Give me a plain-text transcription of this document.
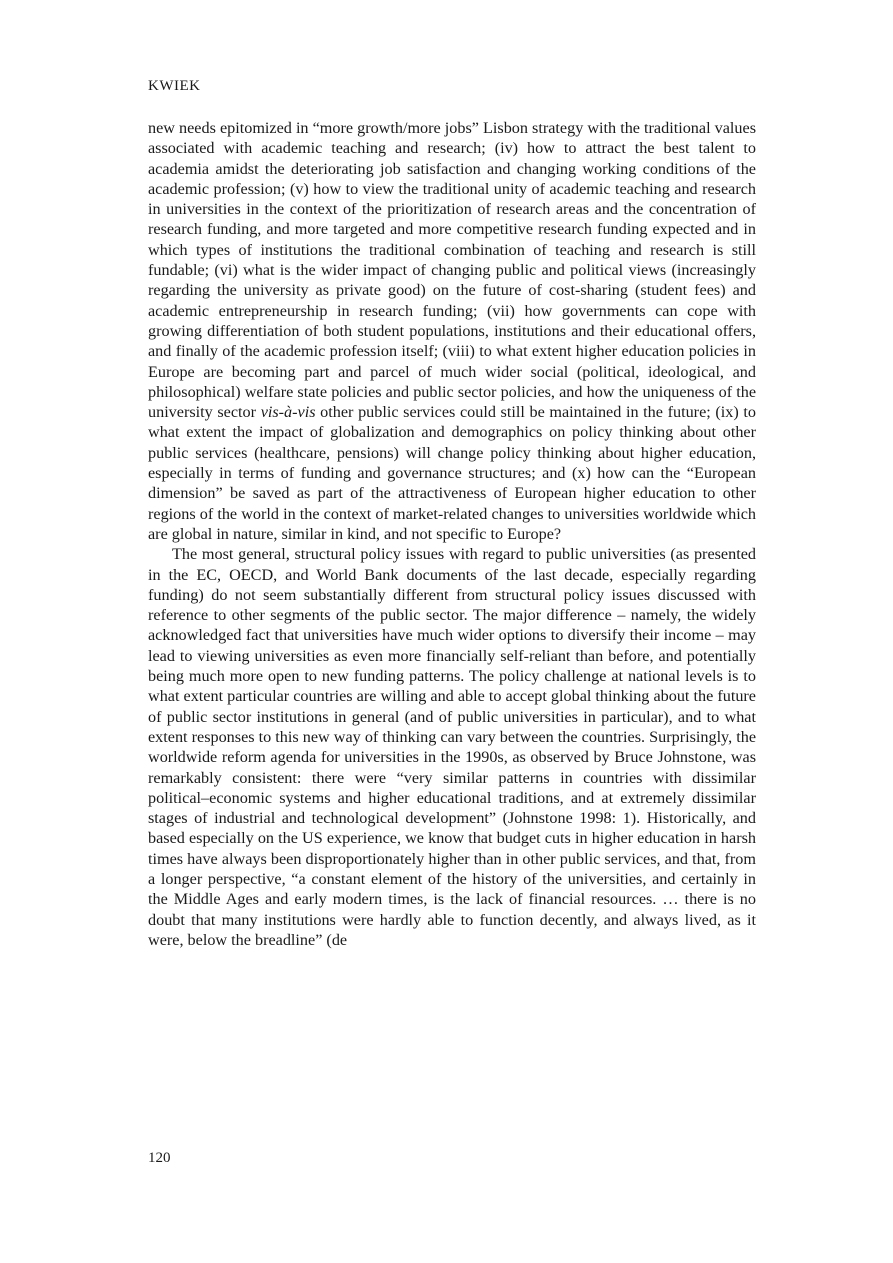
KWIEK

new needs epitomized in “more growth/more jobs” Lisbon strategy with the traditional values associated with academic teaching and research; (iv) how to attract the best talent to academia amidst the deteriorating job satisfaction and changing working conditions of the academic profession; (v) how to view the traditional unity of academic teaching and research in universities in the context of the prioritization of research areas and the concentration of research funding, and more targeted and more competitive research funding expected and in which types of institutions the traditional combination of teaching and research is still fundable; (vi) what is the wider impact of changing public and political views (increasingly regarding the university as private good) on the future of cost-sharing (student fees) and academic entrepreneurship in research funding; (vii) how governments can cope with growing differentiation of both student populations, institutions and their educational offers, and finally of the academic profession itself; (viii) to what extent higher education policies in Europe are becoming part and parcel of much wider social (political, ideological, and philosophical) welfare state policies and public sector policies, and how the uniqueness of the university sector vis-à-vis other public services could still be maintained in the future; (ix) to what extent the impact of globalization and demographics on policy thinking about other public services (healthcare, pensions) will change policy thinking about higher education, especially in terms of funding and governance structures; and (x) how can the “European dimension” be saved as part of the attractiveness of European higher education to other regions of the world in the context of market-related changes to universities worldwide which are global in nature, similar in kind, and not specific to Europe?

The most general, structural policy issues with regard to public universities (as presented in the EC, OECD, and World Bank documents of the last decade, especially regarding funding) do not seem substantially different from structural policy issues discussed with reference to other segments of the public sector. The major difference – namely, the widely acknowledged fact that universities have much wider options to diversify their income – may lead to viewing universities as even more financially self-reliant than before, and potentially being much more open to new funding patterns. The policy challenge at national levels is to what extent particular countries are willing and able to accept global thinking about the future of public sector institutions in general (and of public universities in particular), and to what extent responses to this new way of thinking can vary between the countries. Surprisingly, the worldwide reform agenda for universities in the 1990s, as observed by Bruce Johnstone, was remarkably consistent: there were “very similar patterns in countries with dissimilar political–economic systems and higher educational traditions, and at extremely dissimilar stages of industrial and technological development” (Johnstone 1998: 1). Historically, and based especially on the US experience, we know that budget cuts in higher education in harsh times have always been disproportionately higher than in other public services, and that, from a longer perspective, “a constant element of the history of the universities, and certainly in the Middle Ages and early modern times, is the lack of financial resources. … there is no doubt that many institutions were hardly able to function decently, and always lived, as it were, below the breadline” (de

120
